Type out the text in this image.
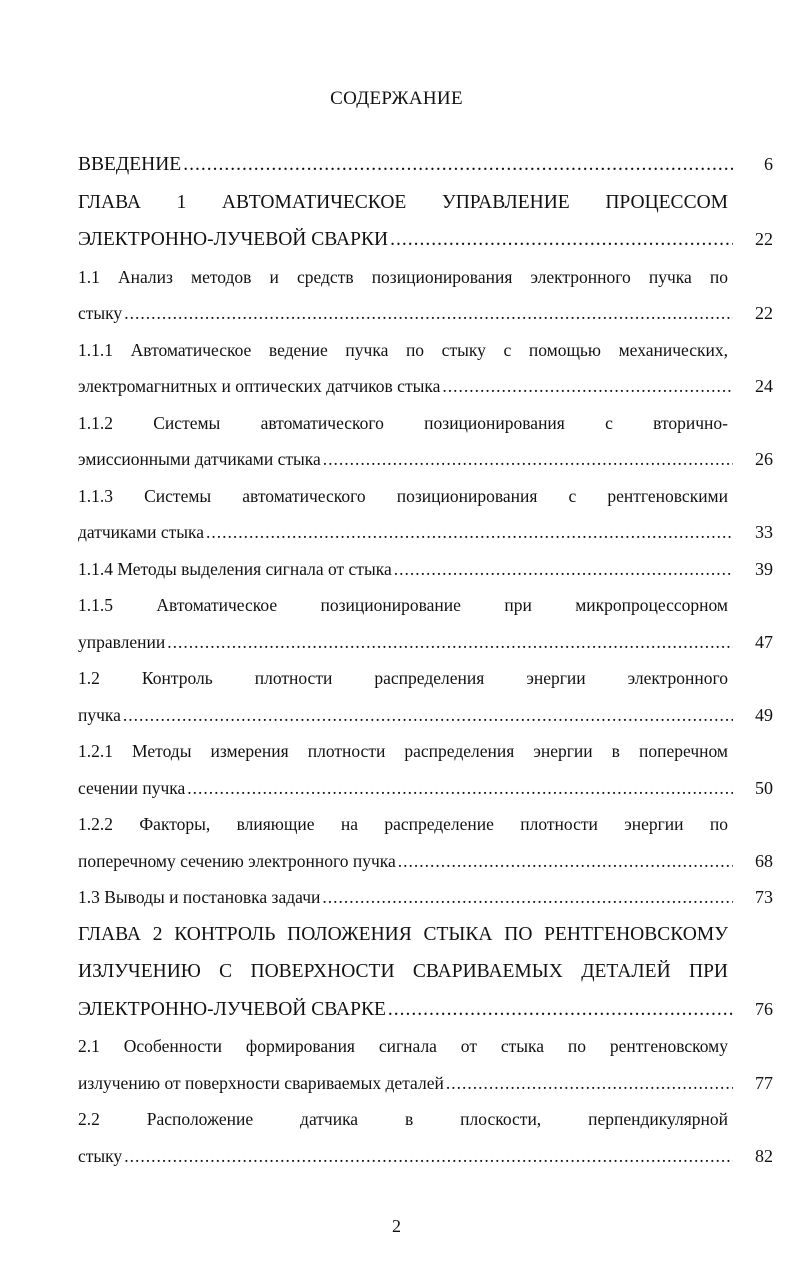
СОДЕРЖАНИЕ
ВВЕДЕНИЕ .....	6
ГЛАВА 1 АВТОМАТИЧЕСКОЕ УПРАВЛЕНИЕ ПРОЦЕССОМ
ЭЛЕКТРОННО-ЛУЧЕВОЙ СВАРКИ .....	22
1.1 Анализ методов и средств позиционирования электронного пучка по
стыку .....	22
1.1.1 Автоматическое ведение пучка по стыку с помощью механических,
электромагнитных и оптических датчиков стыка .....	24
1.1.2 Системы автоматического позиционирования с вторично-
эмиссионными датчиками стыка .....	26
1.1.3 Системы автоматического позиционирования с рентгеновскими
датчиками стыка .....	33
1.1.4 Методы выделения сигнала от стыка .....	39
1.1.5 Автоматическое позиционирование при микропроцессорном
управлении .....	47
1.2 Контроль плотности распределения энергии электронного
пучка .....	49
1.2.1 Методы измерения плотности распределения энергии в поперечном
сечении пучка .....	50
1.2.2 Факторы, влияющие на распределение плотности энергии по
поперечному сечению электронного пучка .....	68
1.3 Выводы и постановка задачи .....	73
ГЛАВА 2 КОНТРОЛЬ ПОЛОЖЕНИЯ СТЫКА ПО РЕНТГЕНОВСКОМУ
ИЗЛУЧЕНИЮ С ПОВЕРХНОСТИ СВАРИВАЕМЫХ ДЕТАЛЕЙ ПРИ
ЭЛЕКТРОННО-ЛУЧЕВОЙ СВАРКЕ .....	76
2.1 Особенности формирования сигнала от стыка по рентгеновскому
излучению от поверхности свариваемых деталей .....	77
2.2 Расположение датчика в плоскости, перпендикулярной
стыку .....	82
2
